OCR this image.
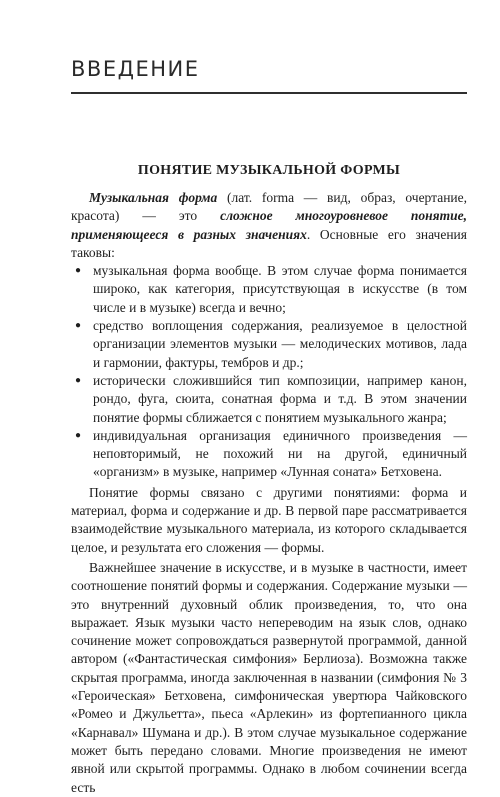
ВВЕДЕНИЕ
ПОНЯТИЕ МУЗЫКАЛЬНОЙ ФОРМЫ

Музыкальная форма (лат. forma — вид, образ, очертание, красота) — это сложное многоуровневое понятие, применяющееся в разных значениях. Основные его значения таковы:

● музыкальная форма вообще. В этом случае форма понимается широко, как категория, присутствующая в искусстве (в том числе и в музыке) всегда и вечно;
● средство воплощения содержания, реализуемое в целостной организации элементов музыки — мелодических мотивов, лада и гармонии, фактуры, тембров и др.;
● исторически сложившийся тип композиции, например канон, рондо, фуга, сюита, сонатная форма и т.д. В этом значении понятие формы сближается с понятием музыкального жанра;
● индивидуальная организация единичного произведения — неповторимый, не похожий ни на другой, единичный «организм» в музыке, например «Лунная соната» Бетховена.

Понятие формы связано с другими понятиями: форма и материал, форма и содержание и др. В первой паре рассматривается взаимодействие музыкального материала, из которого складывается целое, и результата его сложения — формы.

Важнейшее значение в искусстве, и в музыке в частности, имеет соотношение понятий формы и содержания. Содержание музыки — это внутренний духовный облик произведения, то, что она выражает. Язык музыки часто непереводим на язык слов, однако сочинение может сопровождаться развернутой программой, данной автором («Фантастическая симфония» Берлиоза). Возможна также скрытая программа, иногда заключенная в названии (симфония № 3 «Героическая» Бетховена, симфоническая увертюра Чайковского «Ромео и Джульетта», пьеса «Арлекин» из фортепианного цикла «Карнавал» Шумана и др.). В этом случае музыкальное содержание может быть передано словами. Многие произведения не имеют явной или скрытой программы. Однако в любом сочинении всегда есть
